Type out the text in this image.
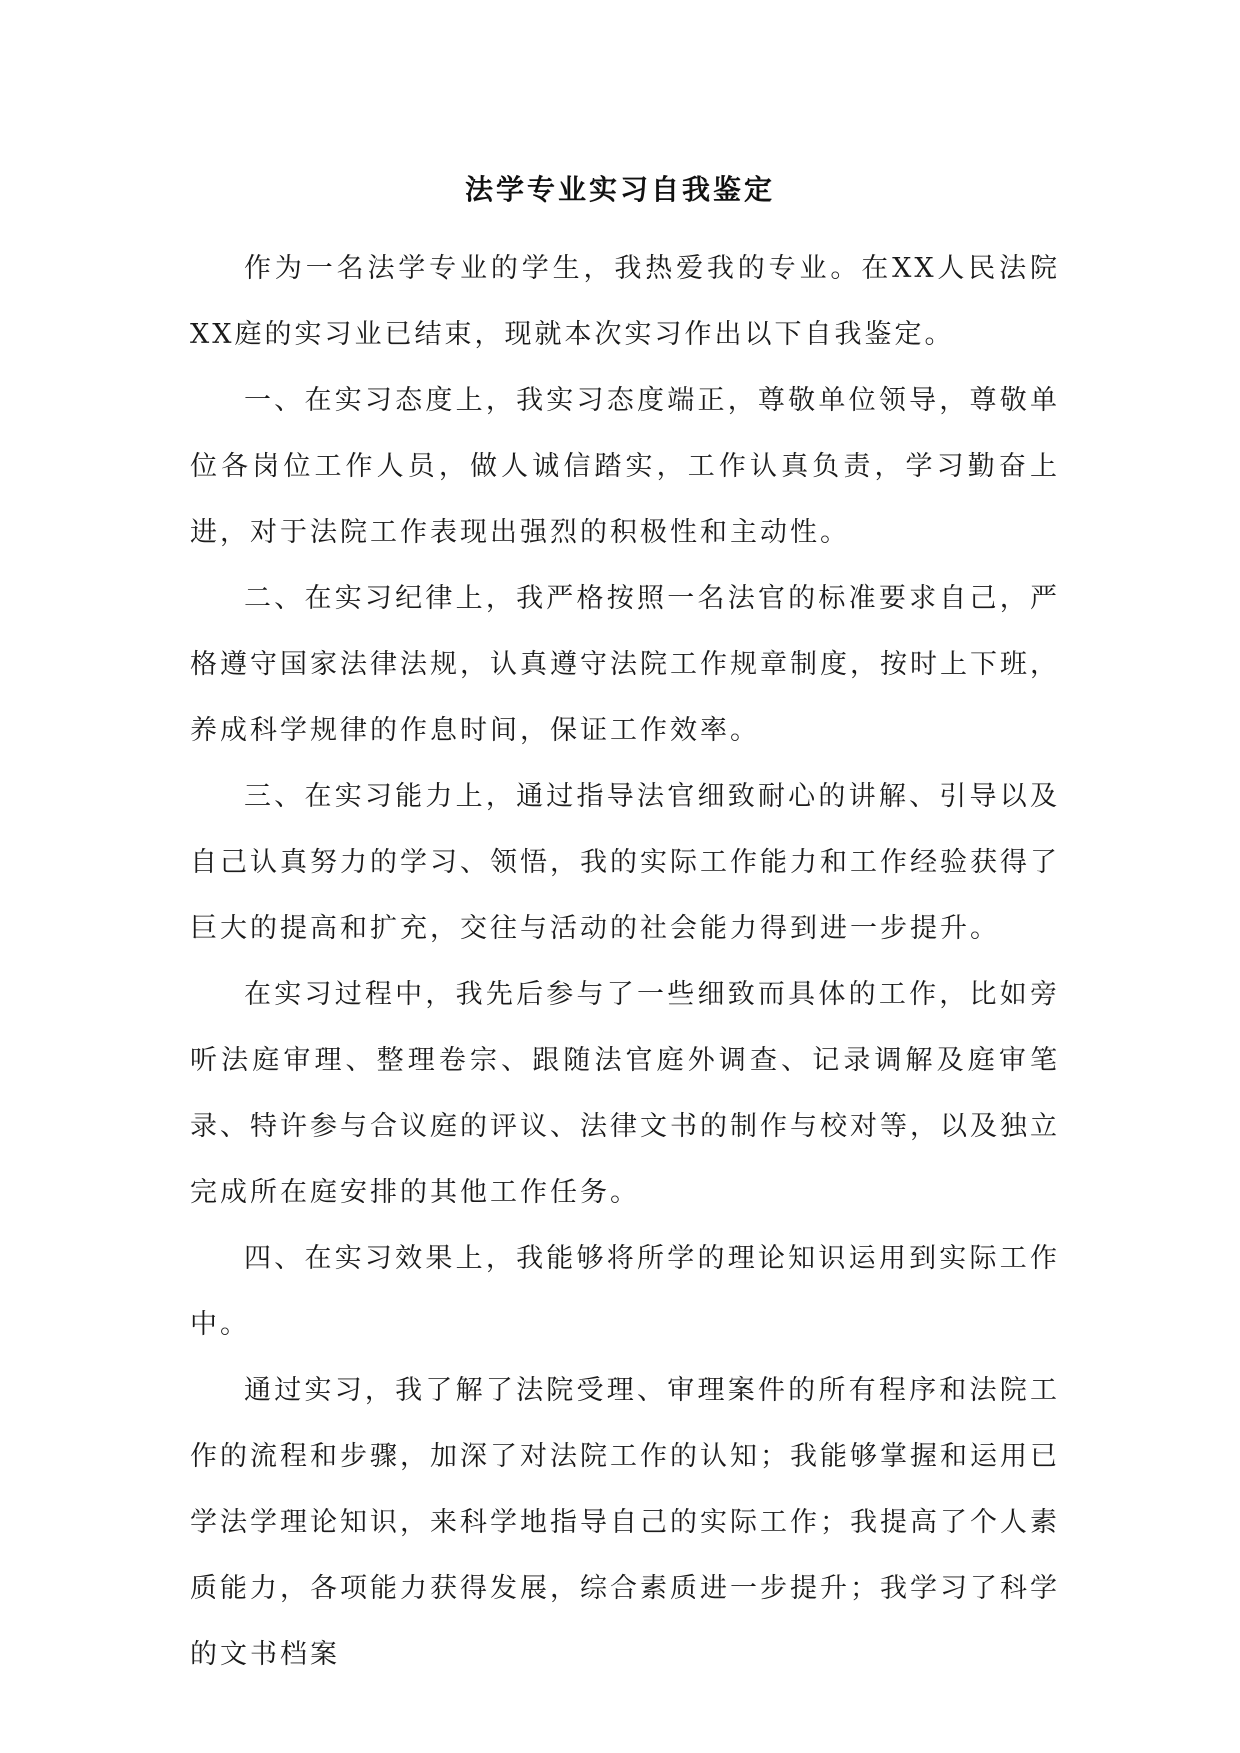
法学专业实习自我鉴定

作为一名法学专业的学生，我热爱我的专业。在XX人民法院XX庭的实习业已结束，现就本次实习作出以下自我鉴定。

一、在实习态度上，我实习态度端正，尊敬单位领导，尊敬单位各岗位工作人员，做人诚信踏实，工作认真负责，学习勤奋上进，对于法院工作表现出强烈的积极性和主动性。

二、在实习纪律上，我严格按照一名法官的标准要求自己，严格遵守国家法律法规，认真遵守法院工作规章制度，按时上下班，养成科学规律的作息时间，保证工作效率。

三、在实习能力上，通过指导法官细致耐心的讲解、引导以及自己认真努力的学习、领悟，我的实际工作能力和工作经验获得了巨大的提高和扩充，交往与活动的社会能力得到进一步提升。

在实习过程中，我先后参与了一些细致而具体的工作，比如旁听法庭审理、整理卷宗、跟随法官庭外调查、记录调解及庭审笔录、特许参与合议庭的评议、法律文书的制作与校对等，以及独立完成所在庭安排的其他工作任务。

四、在实习效果上，我能够将所学的理论知识运用到实际工作中。

通过实习，我了解了法院受理、审理案件的所有程序和法院工作的流程和步骤，加深了对法院工作的认知；我能够掌握和运用已学法学理论知识，来科学地指导自己的实际工作；我提高了个人素质能力，各项能力获得发展，综合素质进一步提升；我学习了科学的文书档案
